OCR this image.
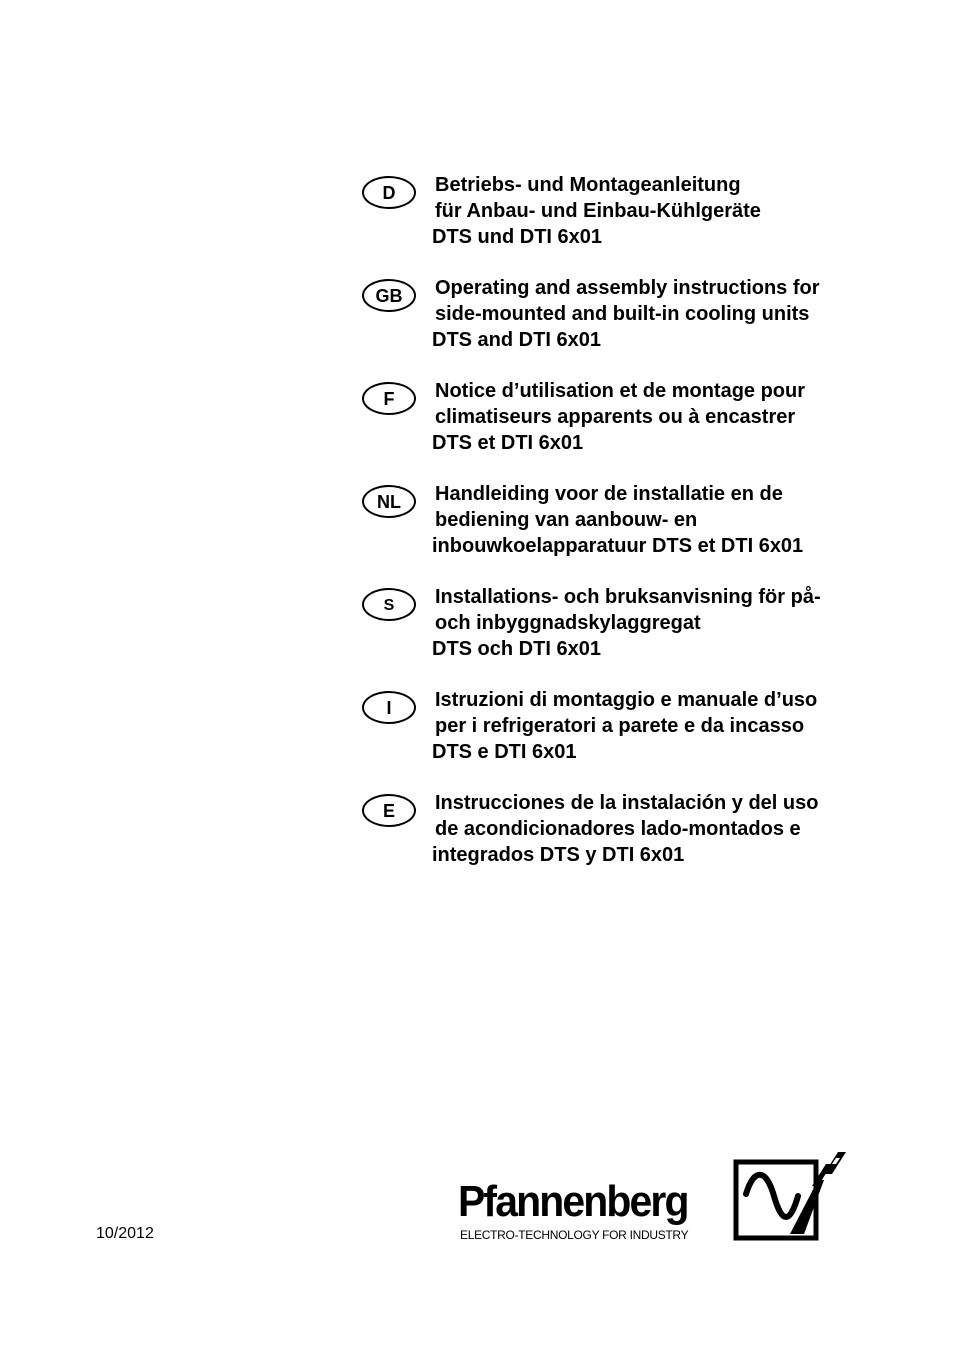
D	Betriebs- und Montageanleitung
für Anbau- und Einbau-Kühlgeräte
DTS und DTI 6x01
GB	Operating and assembly instructions for
side-mounted and built-in cooling units
DTS and DTI 6x01
F	Notice d’utilisation et de montage pour
climatiseurs apparents ou à encastrer
DTS et DTI 6x01
NL	Handleiding voor de installatie en de
bediening van aanbouw- en
inbouwkoelapparatuur DTS et DTI 6x01
S	Installations- och bruksanvisning för på-
och inbyggnadskylaggregat
DTS och DTI 6x01
I	Istruzioni di montaggio e manuale d’uso
per i refrigeratori a parete e da incasso
DTS e DTI 6x01
E	Instrucciones de la instalación y del uso
de acondicionadores lado-montados e
integrados DTS y DTI 6x01
10/2012
Pfannenberg
ELECTRO-TECHNOLOGY FOR INDUSTRY
